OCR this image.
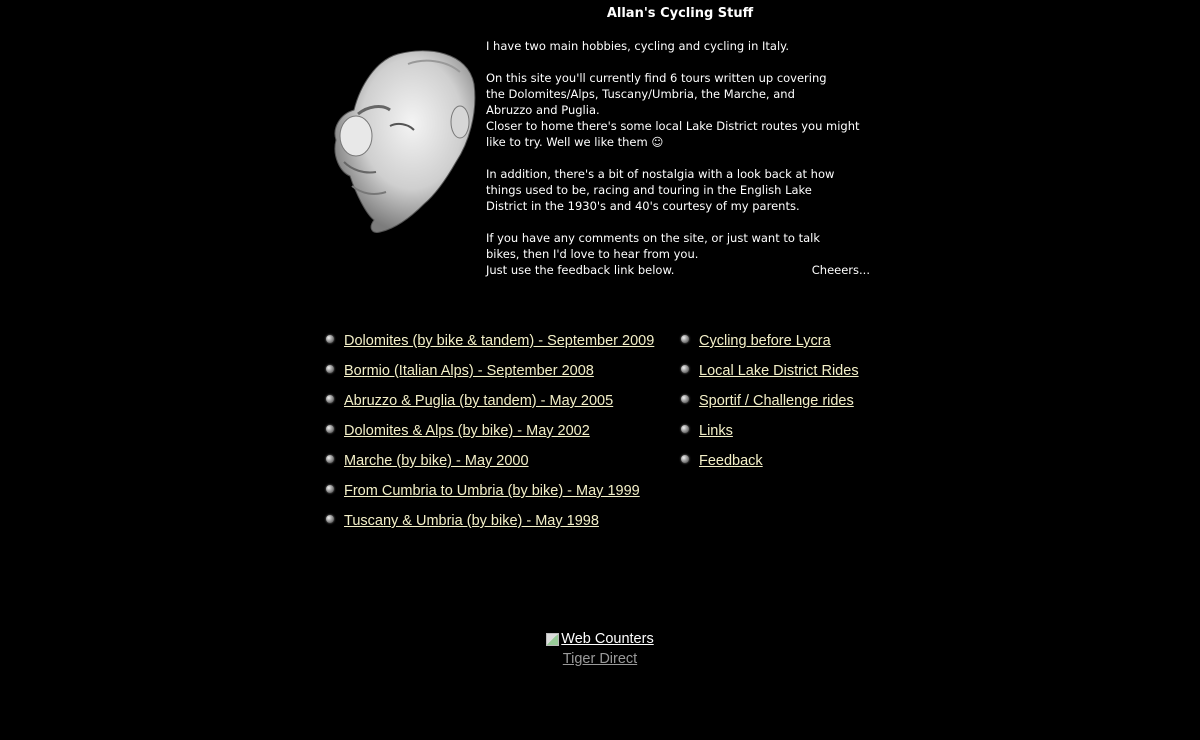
Allan's Cycling Stuff

I have two main hobbies, cycling and cycling in Italy.

On this site you'll currently find 6 tours written up covering
the Dolomites/Alps, Tuscany/Umbria, the Marche, and
Abruzzo and Puglia.
Closer to home there's some local Lake District routes you might
like to try. Well we like them ☺

In addition, there's a bit of nostalgia with a look back at how
things used to be, racing and touring in the English Lake
District in the 1930's and 40's courtesy of my parents.

If you have any comments on the site, or just want to talk
bikes, then I'd love to hear from you.
Just use the feedback link below.	Cheeers...

Dolomites (by bike & tandem) - September 2009
Bormio (Italian Alps) - September 2008
Abruzzo & Puglia (by tandem) - May 2005
Dolomites & Alps (by bike) - May 2002
Marche (by bike) - May 2000
From Cumbria to Umbria (by bike) - May 1999
Tuscany & Umbria (by bike) - May 1998
Cycling before Lycra
Local Lake District Rides
Sportif / Challenge rides
Links
Feedback
Web Counters
Tiger Direct
